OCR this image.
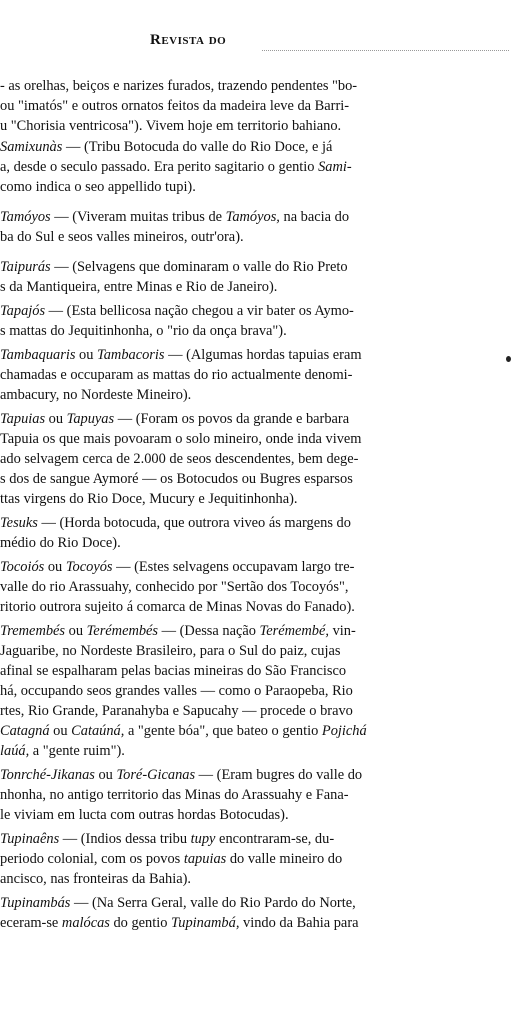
Revista do
- as orelhas, beiços e narizes furados, trazendo pendentes "bo-
ou "imatós" e outros ornatos feitos da madeira leve da Barri-
u "Chorisia ventricosa"). Vivem hoje em territorio bahiano.
Samixunàs — (Tribu Botocuda do valle do Rio Doce, e já
a, desde o seculo passado. Era perito sagitario o gentio Sami-
como indica o seo appellido tupi).
Tamóyos — (Viveram muitas tribus de Tamóyos, na bacia do
ba do Sul e seos valles mineiros, outr'ora).
Taipurás — (Selvagens que dominaram o valle do Rio Preto
s da Mantiqueira, entre Minas e Rio de Janeiro).
Tapajós — (Esta bellicosa nação chegou a vir bater os Aymo-
s mattas do Jequitinhonha, o "rio da onça brava").
Tambaquaris ou Tambacoris — (Algumas hordas tapuias eram
chamadas e occuparam as mattas do rio actualmente denomi-
ambacury, no Nordeste Mineiro).
Tapuias ou Tapuyas — (Foram os povos da grande e barbara
Tapuia os que mais povoaram o solo mineiro, onde inda vivem
ado selvagem cerca de 2.000 de seos descendentes, bem dege-
s dos de sangue Aymoré — os Botocudos ou Bugres esparsos
ttas virgens do Rio Doce, Mucury e Jequitinhonha).
Tesuks — (Horda botocuda, que outrora viveo ás margens do
médio do Rio Doce).
Tocoiós ou Tocoyós — (Estes selvagens occupavam largo tre-
valle do rio Arassuahy, conhecido por "Sertão dos Tocoyós",
ritorio outrora sujeito á comarca de Minas Novas do Fanado).
Tremembés ou Terémembés — (Dessa nação Terémembé, vin-
Jaguaribe, no Nordeste Brasileiro, para o Sul do paiz, cujas
afinal se espalharam pelas bacias mineiras do São Francisco
há, occupando seos grandes valles — como o Paraopeba, Rio
rtes, Rio Grande, Paranahyba e Sapucahy — procede o bravo
Catagná ou Cataúná, a "gente bóa", que bateo o gentio Pojichá
laúá, a "gente ruim").
Tonrché-Jikanas ou Toré-Gicanas — (Eram bugres do valle do
nhonha, no antigo territorio das Minas do Arassuahy e Fana-
le viviam em lucta com outras hordas Botocudas).
Tupinaêns — (Indios dessa tribu tupy encontraram-se, du-
periodo colonial, com os povos tapuias do valle mineiro do
ancisco, nas fronteiras da Bahia).
Tupinambás — (Na Serra Geral, valle do Rio Pardo do Norte,
eceram-se malócas do gentio Tupinambá, vindo da Bahia para
